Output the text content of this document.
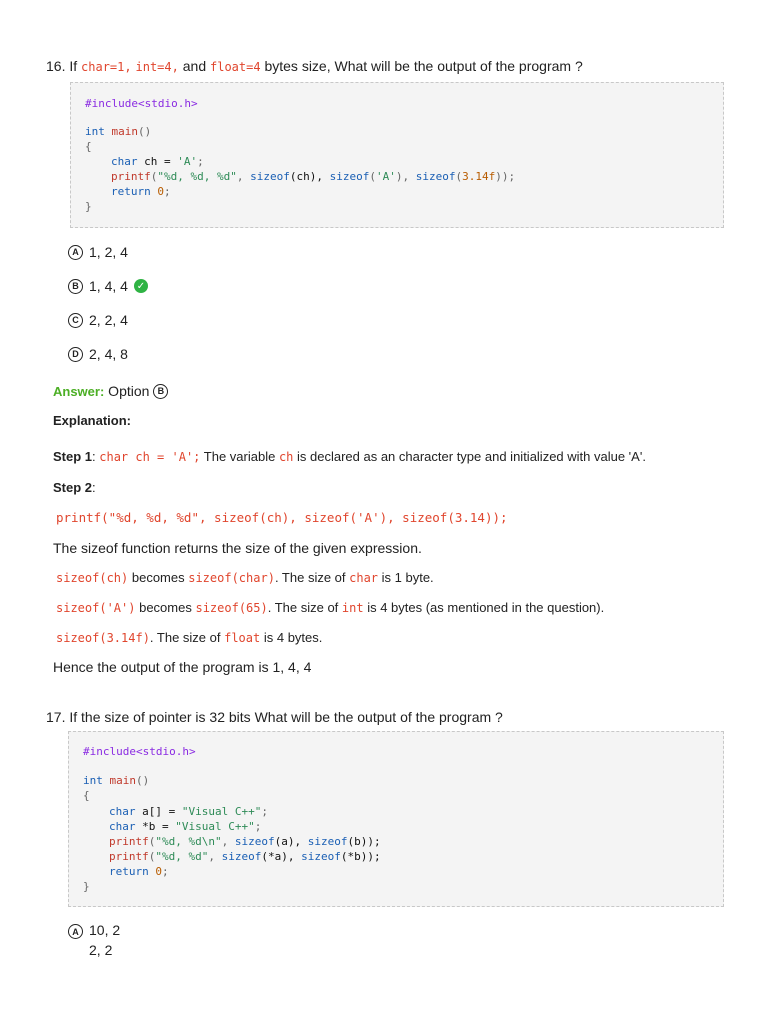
16. If char=1, int=4, and float=4 bytes size, What will be the output of the program ?
#include<stdio.h>
int main()
{
char ch = 'A';
printf("%d, %d, %d", sizeof(ch), sizeof('A'), sizeof(3.14f));
return 0;
}
A 1, 2, 4
B 1, 4, 4 ✓
C 2, 2, 4
D 2, 4, 8
Answer: Option B
Explanation:
Step 1: char ch = 'A'; The variable ch is declared as an character type and initialized with value 'A'.
Step 2:
printf("%d, %d, %d", sizeof(ch), sizeof('A'), sizeof(3.14));
The sizeof function returns the size of the given expression.
sizeof(ch) becomes sizeof(char). The size of char is 1 byte.
sizeof('A') becomes sizeof(65). The size of int is 4 bytes (as mentioned in the question).
sizeof(3.14f). The size of float is 4 bytes.
Hence the output of the program is 1, 4, 4
17. If the size of pointer is 32 bits What will be the output of the program ?
#include<stdio.h>
int main()
{
char a[] = "Visual C++";
char *b = "Visual C++";
printf("%d, %d\n", sizeof(a), sizeof(b));
printf("%d, %d", sizeof(*a), sizeof(*b));
return 0;
}
A 10, 2
2, 2
